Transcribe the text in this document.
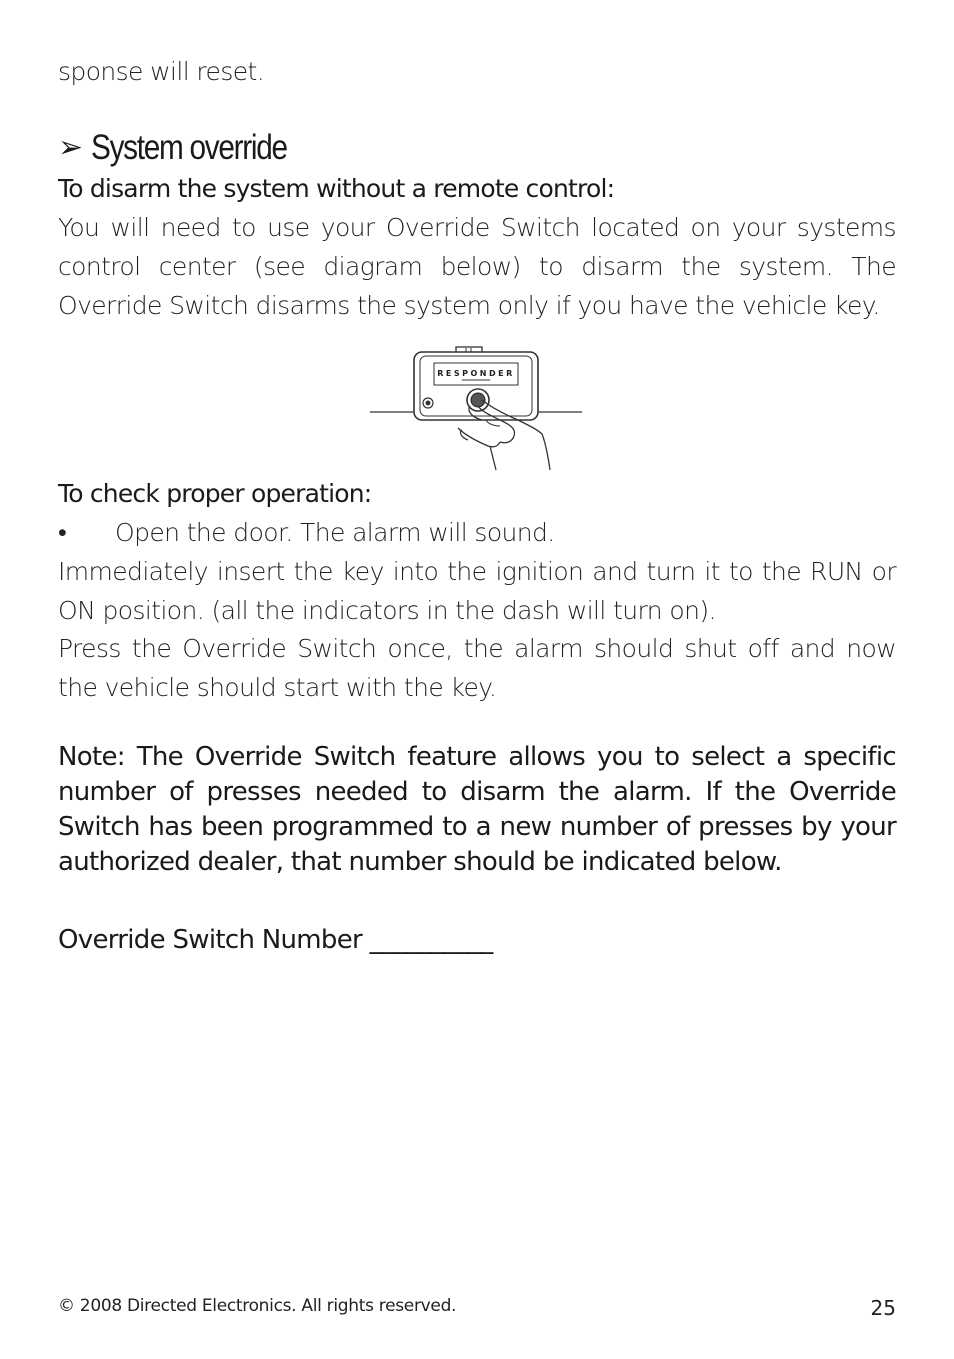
sponse will reset.
➢ System override
To disarm the system without a remote control:
You will need to use your Override Switch located on your systems control center (see diagram below) to disarm the system. The Override Switch disarms the system only if you have the vehicle key.
RESPONDER
To check proper operation:
•	Open the door. The alarm will sound.
Immediately insert the key into the ignition and turn it to the RUN or ON position. (all the indicators in the dash will turn on).
Press the Override Switch once, the alarm should shut off and now the vehicle should start with the key.
Note: The Override Switch feature allows you to select a specific number of presses needed to disarm the alarm. If the Override Switch has been programmed to a new number of presses by your authorized dealer, that number should be indicated below.
Override Switch Number __________
© 2008 Directed Electronics. All rights reserved.	25
